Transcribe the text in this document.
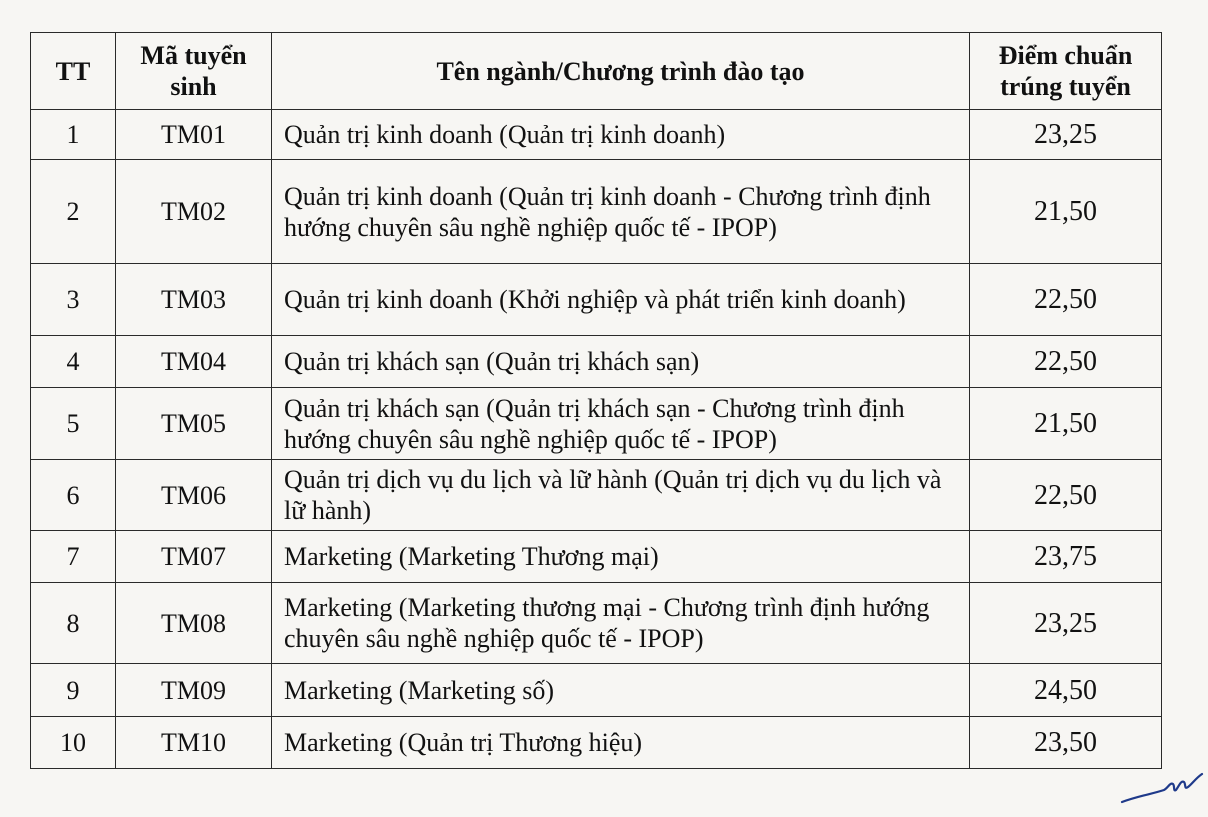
TT	Mã tuyển sinh	Tên ngành/Chương trình đào tạo	Điểm chuẩn trúng tuyển
1	TM01	Quản trị kinh doanh (Quản trị kinh doanh)	23,25
2	TM02	Quản trị kinh doanh (Quản trị kinh doanh - Chương trình định hướng chuyên sâu nghề nghiệp quốc tế - IPOP)	21,50
3	TM03	Quản trị kinh doanh (Khởi nghiệp và phát triển kinh doanh)	22,50
4	TM04	Quản trị khách sạn (Quản trị khách sạn)	22,50
5	TM05	Quản trị khách sạn (Quản trị khách sạn - Chương trình định hướng chuyên sâu nghề nghiệp quốc tế - IPOP)	21,50
6	TM06	Quản trị dịch vụ du lịch và lữ hành (Quản trị dịch vụ du lịch và lữ hành)	22,50
7	TM07	Marketing (Marketing Thương mại)	23,75
8	TM08	Marketing (Marketing thương mại - Chương trình định hướng chuyên sâu nghề nghiệp quốc tế - IPOP)	23,25
9	TM09	Marketing (Marketing số)	24,50
10	TM10	Marketing (Quản trị Thương hiệu)	23,50
